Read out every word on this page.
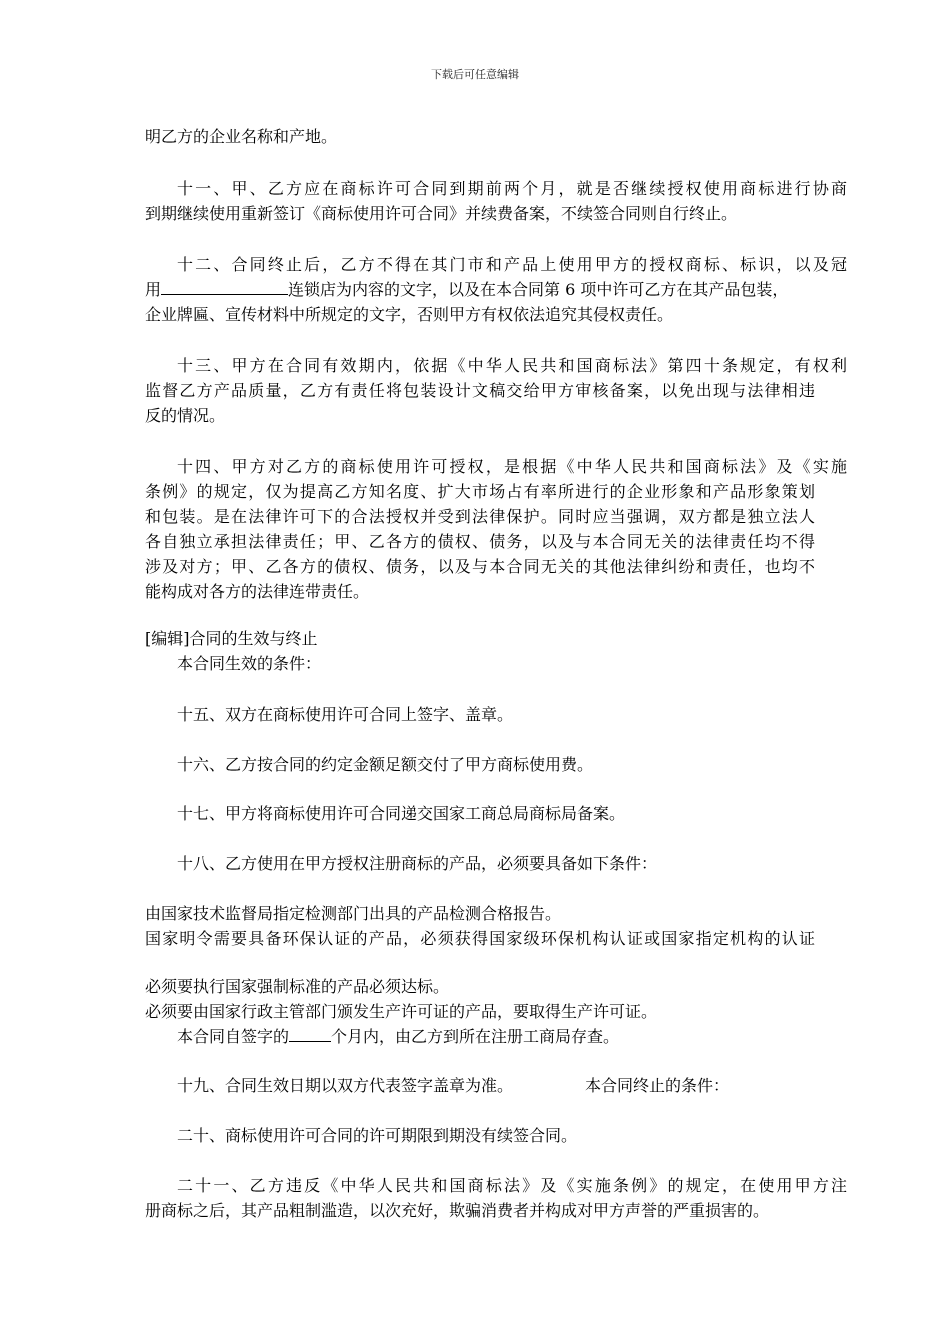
下载后可任意编辑
明乙方的企业名称和产地。
十一、甲、乙方应在商标许可合同到期前两个月，就是否继续授权使用商标进行协商
到期继续使用重新签订《商标使用许可合同》并续费备案，不续签合同则自行终止。
十二、合同终止后，乙方不得在其门市和产品上使用甲方的授权商标、标识，以及冠
用	连锁店为内容的文字，以及在本合同第 6 项中许可乙方在其产品包装，
企业牌匾、宣传材料中所规定的文字，否则甲方有权依法追究其侵权责任。
十三、甲方在合同有效期内，依据《中华人民共和国商标法》第四十条规定，有权利
监督乙方产品质量，乙方有责任将包装设计文稿交给甲方审核备案，以免出现与法律相违
反的情况。
十四、甲方对乙方的商标使用许可授权，是根据《中华人民共和国商标法》及《实施
条例》的规定，仅为提高乙方知名度、扩大市场占有率所进行的企业形象和产品形象策划
和包装。是在法律许可下的合法授权并受到法律保护。同时应当强调，双方都是独立法人
各自独立承担法律责任；甲、乙各方的债权、债务，以及与本合同无关的法律责任均不得
涉及对方；甲、乙各方的债权、债务，以及与本合同无关的其他法律纠纷和责任，也均不
能构成对各方的法律连带责任。
[编辑]合同的生效与终止
本合同生效的条件：
十五、双方在商标使用许可合同上签字、盖章。
十六、乙方按合同的约定金额足额交付了甲方商标使用费。
十七、甲方将商标使用许可合同递交国家工商总局商标局备案。
十八、乙方使用在甲方授权注册商标的产品，必须要具备如下条件：
由国家技术监督局指定检测部门出具的产品检测合格报告。
国家明令需要具备环保认证的产品，必须获得国家级环保机构认证或国家指定机构的认证
必须要执行国家强制标准的产品必须达标。
必须要由国家行政主管部门颁发生产许可证的产品，要取得生产许可证。
本合同自签字的	个月内，由乙方到所在注册工商局存查。
十九、合同生效日期以双方代表签字盖章为准。	本合同终止的条件：
二十、商标使用许可合同的许可期限到期没有续签合同。
二十一、乙方违反《中华人民共和国商标法》及《实施条例》的规定，在使用甲方注
册商标之后，其产品粗制滥造，以次充好，欺骗消费者并构成对甲方声誉的严重损害的。
